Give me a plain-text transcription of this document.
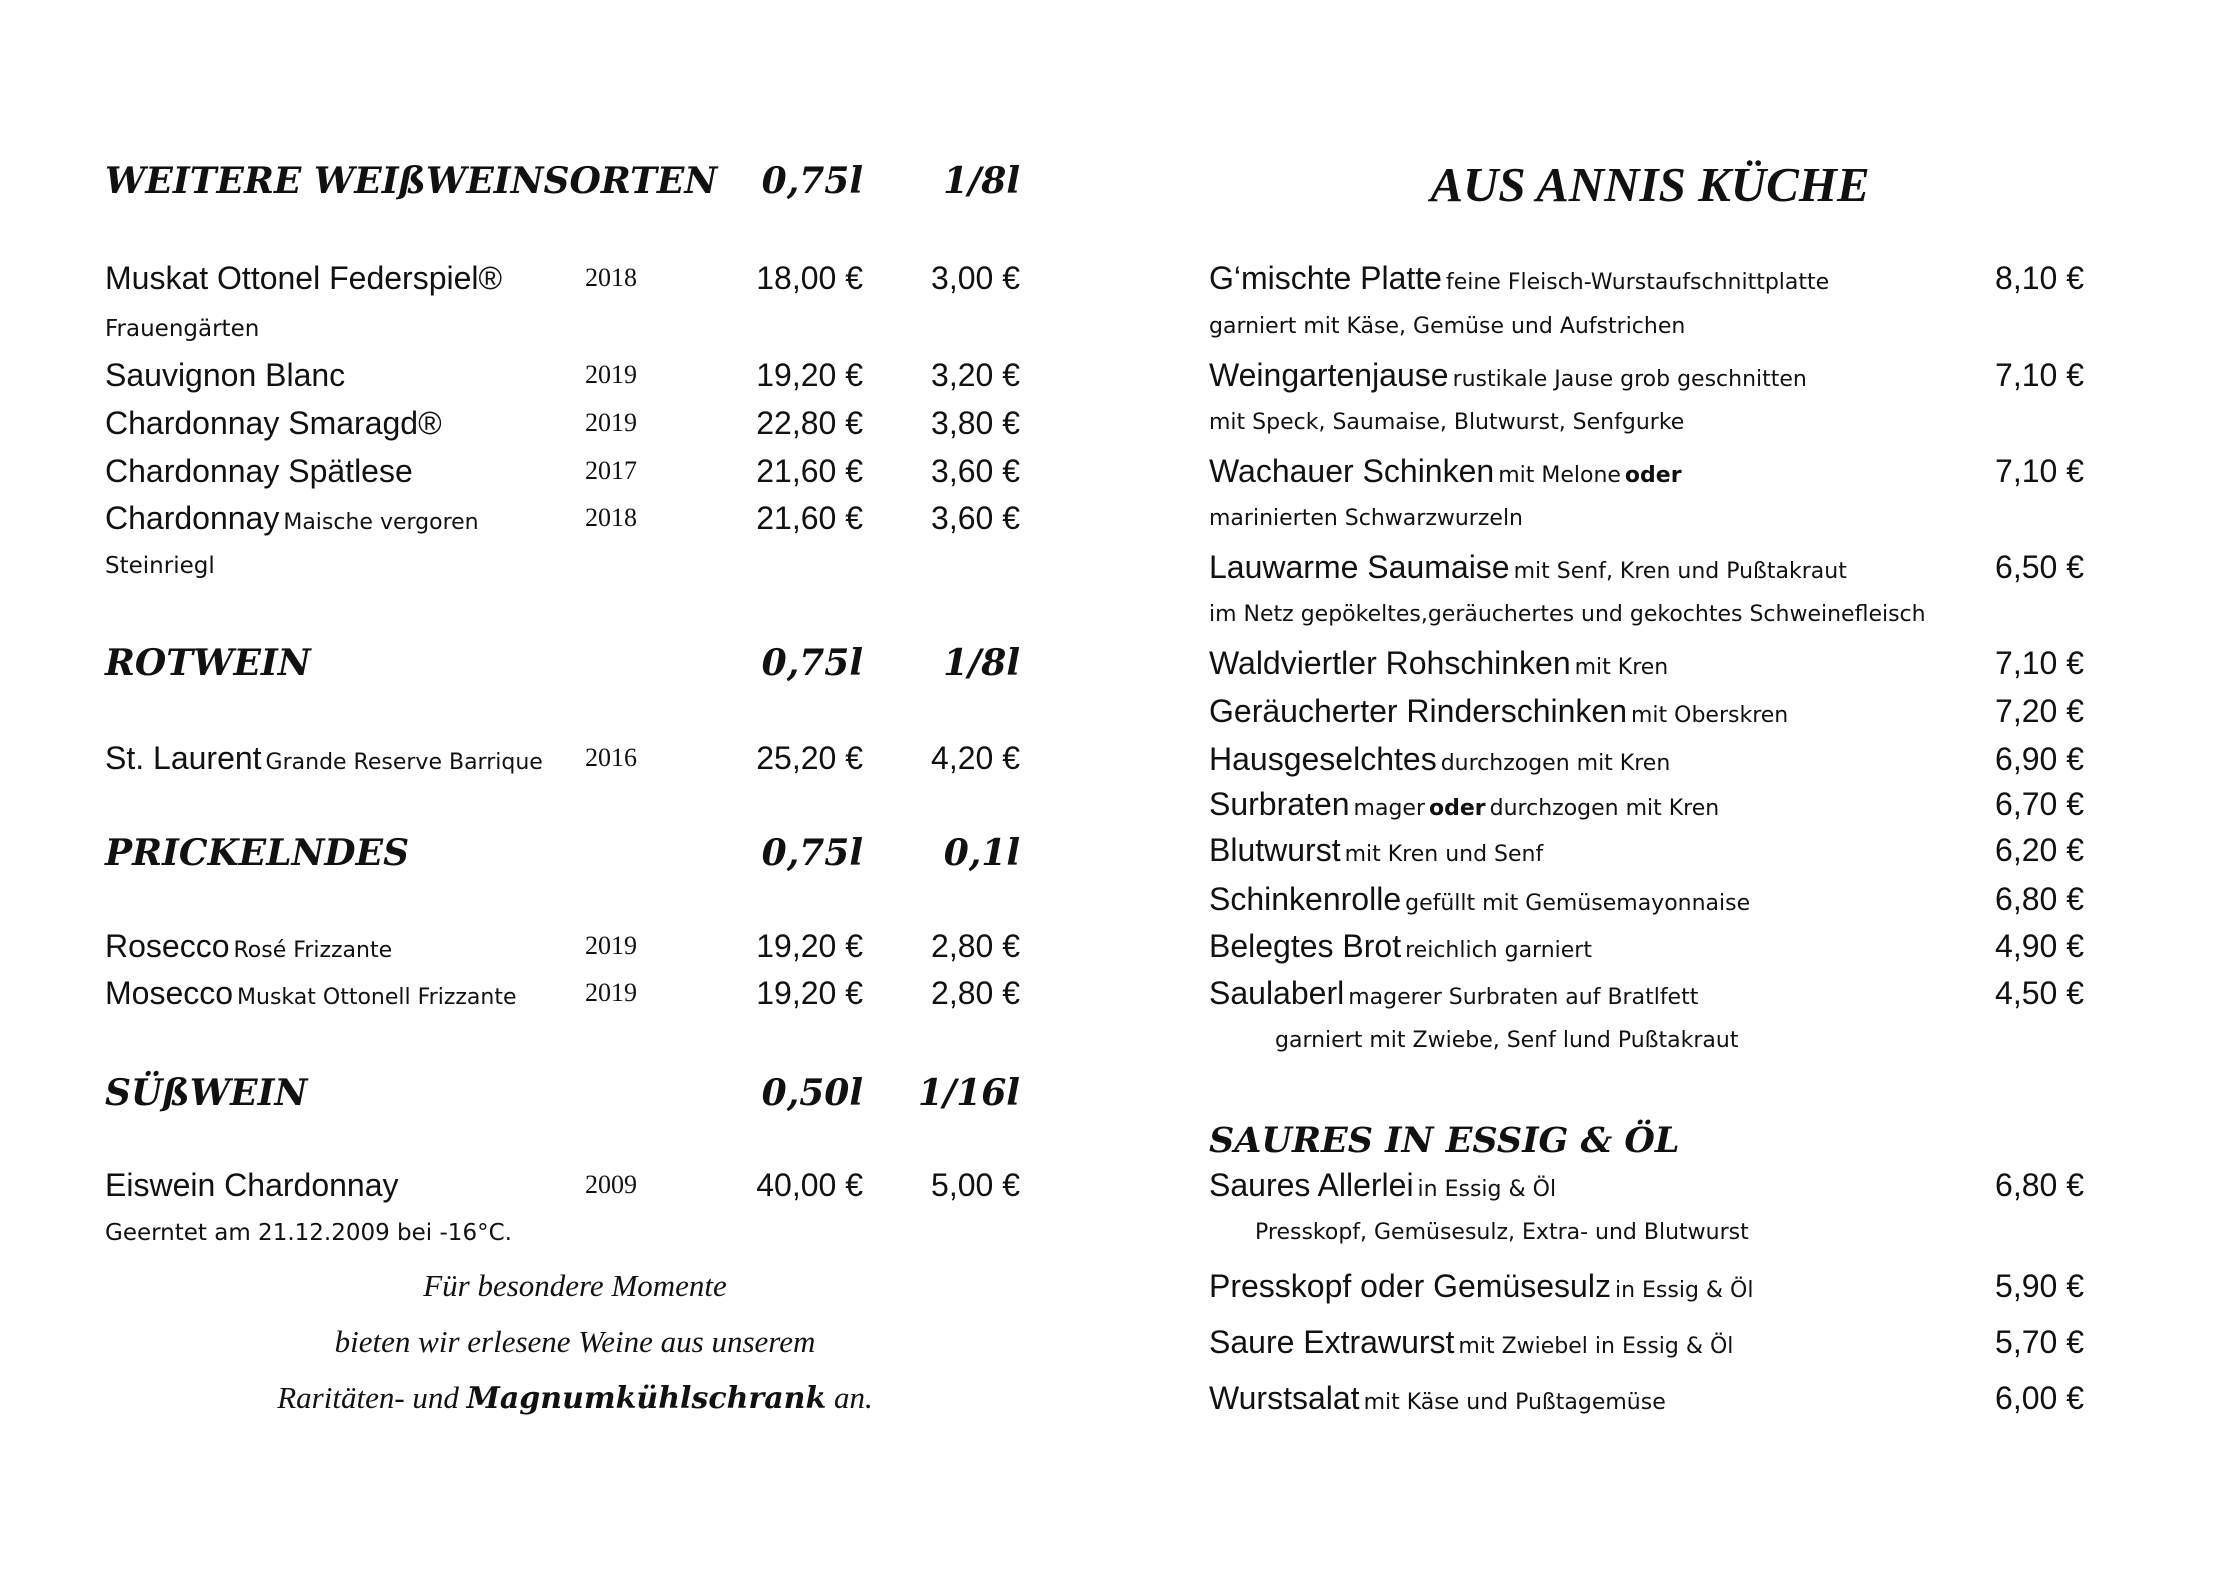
WEITERE WEIßWEINSORTEN	0,75l	1/8l
Muskat Ottonel Federspiel®	2018	18,00 €	3,00 €
Frauengärten
Sauvignon Blanc	2019	19,20 €	3,20 €
Chardonnay Smaragd®	2019	22,80 €	3,80 €
Chardonnay Spätlese	2017	21,60 €	3,60 €
Chardonnay Maische vergoren	2018	21,60 €	3,60 €
Steinriegl
ROTWEIN	0,75l	1/8l
St. Laurent Grande Reserve Barrique 2016	25,20 €	4,20 €
PRICKELNDES	0,75l	0,1l
Rosecco Rosé Frizzante	2019	19,20 €	2,80 €
Mosecco Muskat Ottonell Frizzante	2019	19,20 €	2,80 €
SÜßWEIN	0,50l	1/16l
Eiswein Chardonnay	2009	40,00 €	5,00 €
Geerntet am 21.12.2009 bei -16°C.
Für besondere Momente
bieten wir erlesene Weine aus unserem
Raritäten- und Magnumkühlschrank an.
AUS ANNIS KÜCHE
G‘mischte Platte feine Fleisch-Wurstaufschnittplatte	8,10 €
garniert mit Käse, Gemüse und Aufstrichen
Weingartenjause rustikale Jause grob geschnitten	7,10 €
mit Speck, Saumaise, Blutwurst, Senfgurke
Wachauer Schinken mit Melone oder	7,10 €
marinierten Schwarzwurzeln
Lauwarme Saumaise mit Senf, Kren und Pußtakraut	6,50 €
im Netz gepökeltes,geräuchertes und gekochtes Schweinefleisch
Waldviertler Rohschinken mit Kren	7,10 €
Geräucherter Rinderschinken mit Oberskren	7,20 €
Hausgeselchtes durchzogen mit Kren	6,90 €
Surbraten mager oder durchzogen mit Kren	6,70 €
Blutwurst mit Kren und Senf	6,20 €
Schinkenrolle gefüllt mit Gemüsemayonnaise	6,80 €
Belegtes Brot reichlich garniert	4,90 €
Saulaberl magerer Surbraten auf Bratlfett	4,50 €
garniert mit Zwiebe, Senf lund Pußtakraut
SAURES IN ESSIG & ÖL
Saures Allerlei in Essig & Öl	6,80 €
Presskopf, Gemüsesulz, Extra- und Blutwurst
Presskopf oder Gemüsesulz in Essig & Öl	5,90 €
Saure Extrawurst mit Zwiebel in Essig & Öl	5,70 €
Wurstsalat mit Käse und Pußtagemüse	6,00 €
